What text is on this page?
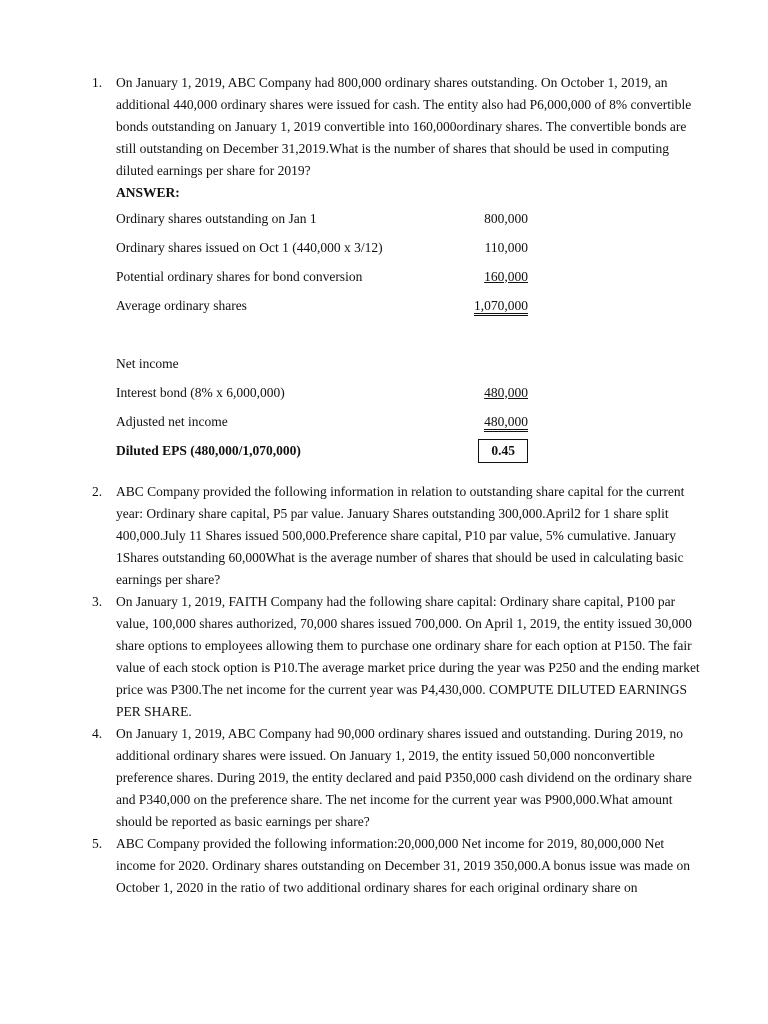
1.	On January 1, 2019, ABC Company had 800,000 ordinary shares outstanding. On October 1, 2019, an additional 440,000 ordinary shares were issued for cash. The entity also had P6,000,000 of 8% convertible bonds outstanding on January 1, 2019 convertible into 160,000ordinary shares. The convertible bonds are still outstanding on December 31,2019.What is the number of shares that should be used in computing diluted earnings per share for 2019?
ANSWER:
Ordinary shares outstanding on Jan 1	800,000
Ordinary shares issued on Oct 1 (440,000 x 3/12)	110,000
Potential ordinary shares for bond conversion	160,000
Average ordinary shares	1,070,000
Net income
Interest bond (8% x 6,000,000)	480,000
Adjusted net income	480,000
Diluted EPS (480,000/1,070,000)	0.45
2.	ABC Company provided the following information in relation to outstanding share capital for the current year: Ordinary share capital, P5 par value. January Shares outstanding 300,000.April2 for 1 share split 400,000.July 11 Shares issued 500,000.Preference share capital, P10 par value, 5% cumulative. January 1Shares outstanding 60,000What is the average number of shares that should be used in calculating basic earnings per share?
3.	On January 1, 2019, FAITH Company had the following share capital: Ordinary share capital, P100 par value, 100,000 shares authorized, 70,000 shares issued 700,000. On April 1, 2019, the entity issued 30,000 share options to employees allowing them to purchase one ordinary share for each option at P150. The fair value of each stock option is P10.The average market price during the year was P250 and the ending market price was P300.The net income for the current year was P4,430,000. COMPUTE DILUTED EARNINGS PER SHARE.
4.	On January 1, 2019, ABC Company had 90,000 ordinary shares issued and outstanding. During 2019, no additional ordinary shares were issued. On January 1, 2019, the entity issued 50,000 nonconvertible preference shares. During 2019, the entity declared and paid P350,000 cash dividend on the ordinary share and P340,000 on the preference share. The net income for the current year was P900,000.What amount should be reported as basic earnings per share?
5.	ABC Company provided the following information:20,000,000 Net income for 2019, 80,000,000 Net income for 2020. Ordinary shares outstanding on December 31, 2019 350,000.A bonus issue was made on October 1, 2020 in the ratio of two additional ordinary shares for each original ordinary share on
